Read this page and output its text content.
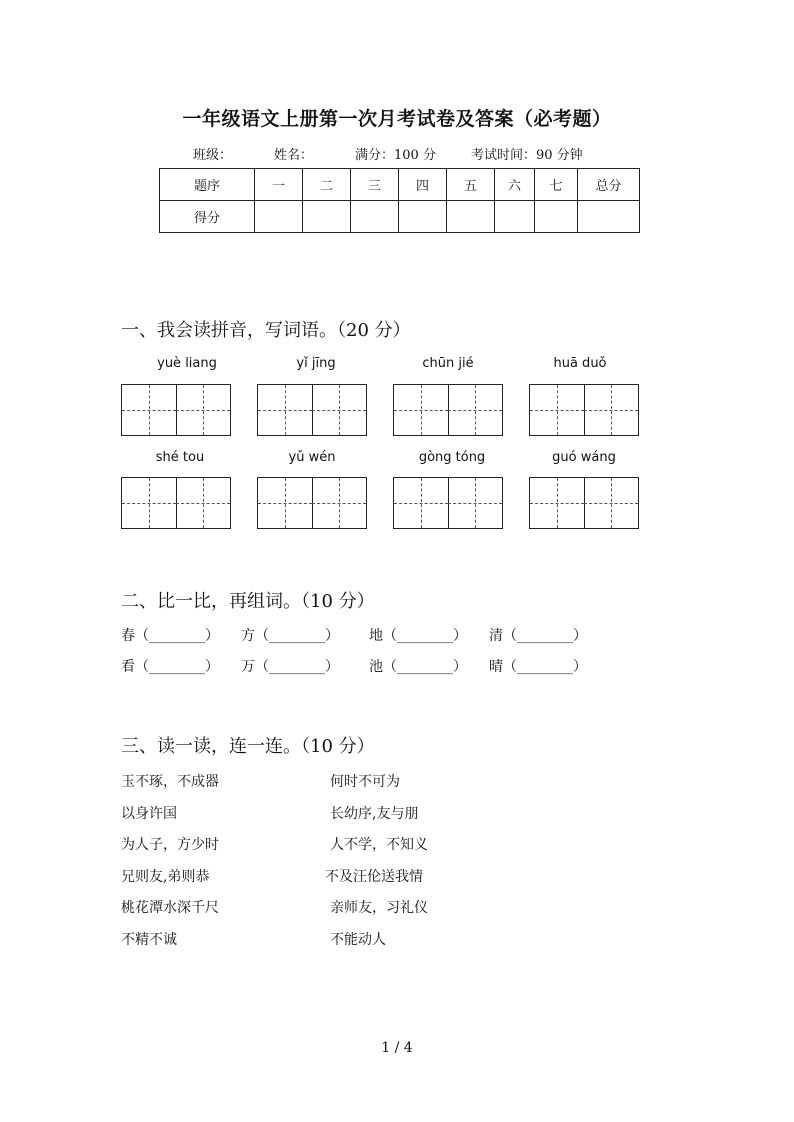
一年级语文上册第一次月考试卷及答案（必考题）
班级：	姓名：	满分：100 分	考试时间：90 分钟
题序	一	二	三	四	五	六	七	总分
得分								
一、我会读拼音，写词语。（20 分）
yuè liang	yǐ jīng	chūn jié	huā duǒ
shé tou	yǔ wén	gòng tóng	guó wáng
二、比一比，再组词。（10 分）
春（________） 方（________） 地（________） 清（________）
看（________） 万（________） 池（________） 晴（________）
三、读一读，连一连。（10 分）
玉不琢，不成器
以身许国
为人子，方少时
兄则友,弟则恭
桃花潭水深千尺
不精不诚
何时不可为
长幼序,友与朋
人不学，不知义
不及汪伦送我情
亲师友，习礼仪
不能动人
1 / 4
